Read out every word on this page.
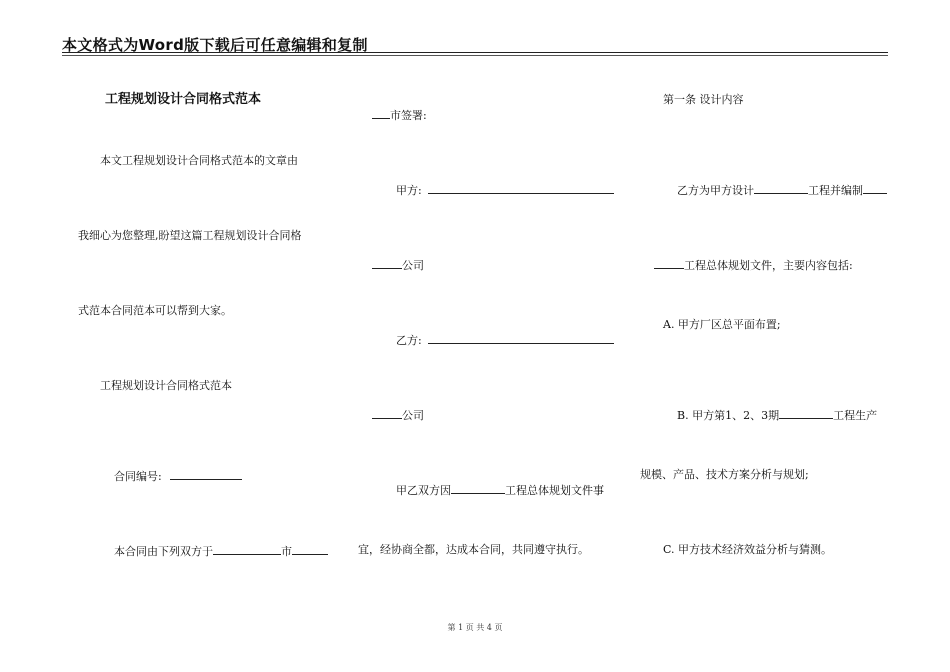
本文格式为Word版下载后可任意编辑和复制
工程规划设计合同格式范本
本文工程规划设计合同格式范本的文章由
我细心为您整理,盼望这篇工程规划设计合同格
式范本合同范本可以帮到大家。
工程规划设计合同格式范本

合同编号:

本合同由下列双方于	市

市签署:

甲方:

公司

乙方:

公司

甲乙双方因	工程总体规划文件事

宜，经协商全都，达成本合同，共同遵守执行。
第一条 设计内容

乙方为甲方设计	工程并编制

工程总体规划文件，主要内容包括:

A. 甲方厂区总平面布置;

B. 甲方第1、2、3期	工程生产

规模、产品、技术方案分析与规划;
C. 甲方技术经济效益分析与猜测。
第 1 页 共 4 页
